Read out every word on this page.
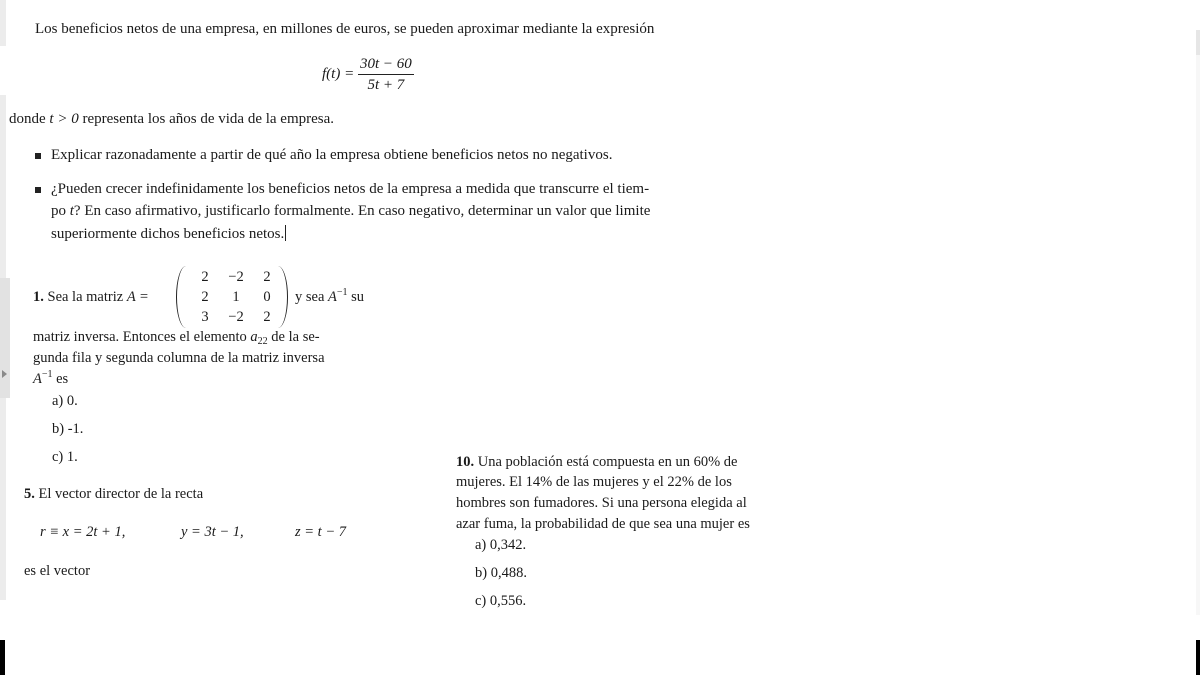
Los beneficios netos de una empresa, en millones de euros, se pueden aproximar mediante la expresión
$f(t) = \frac{30t - 60}{5t + 7}$
donde t > 0 representa los años de vida de la empresa.
Explicar razonadamente a partir de qué año la empresa obtiene beneficios netos no negativos.
¿Pueden crecer indefinidamente los beneficios netos de la empresa a medida que transcurre el tiem-
po t? En caso afirmativo, justificarlo formalmente. En caso negativo, determinar un valor que limite
superiormente dichos beneficios netos.
1. Sea la matriz A =
2	−2	2
2	1	0
3	−2	2
y sea $A^{-1}$ su
matriz inversa. Entonces el elemento $a_{22}$ de la se-
gunda fila y segunda columna de la matriz inversa
$A^{-1}$ es
a) 0.
b) -1.
c) 1.
5. El vector director de la recta
r ≡ x = 2t + 1,	y = 3t − 1,	z = t − 7
es el vector
10. Una población está compuesta en un 60% de
mujeres. El 14% de las mujeres y el 22% de los
hombres son fumadores. Si una persona elegida al
azar fuma, la probabilidad de que sea una mujer es
a) 0,342.
b) 0,488.
c) 0,556.
